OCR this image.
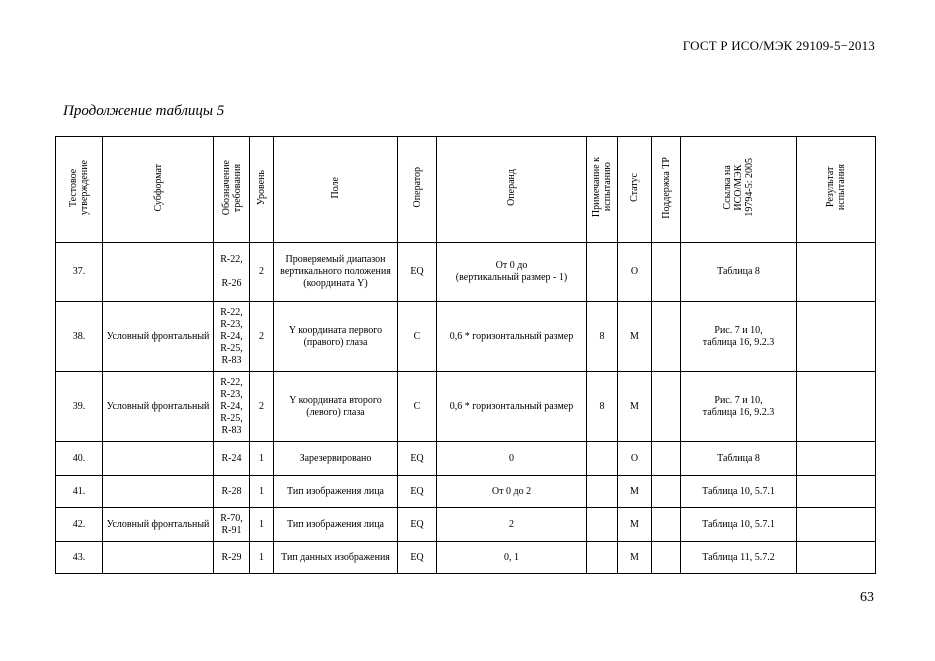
ГОСТ Р ИСО/МЭК 29109-5−2013
Продолжение таблицы 5
Тестовое
утверждение	Субформат	Обозначение
требования	Уровень	Поле	Оператор	Операнд	Примечание к
испытанию	Статус	Поддержка TP	Ссылка на
ИСО/МЭК
19794-5: 2005	Результат
испытания
37.		R-22,

R-26	2	Проверяемый диапазон вертикального положения (координата Y)	EQ	От 0 до
(вертикальный размер - 1)		O		Таблица 8	
38.	Условный фронтальный	R-22,
R-23,
R-24,
R-25,
R-83	2	Y координата первого (правого) глаза	C	0,6 * горизонтальный размер	8	M		Рис. 7 и 10,
таблица 16, 9.2.3	
39.	Условный фронтальный	R-22,
R-23,
R-24,
R-25,
R-83	2	Y координата второго (левого) глаза	C	0,6 * горизонтальный размер	8	M		Рис. 7 и 10,
таблица 16, 9.2.3	
40.		R-24	1	Зарезервировано	EQ	0		O		Таблица 8	
41.		R-28	1	Тип изображения лица	EQ	От 0 до 2		M		Таблица 10, 5.7.1	
42.	Условный фронтальный	R-70,
R-91	1	Тип изображения лица	EQ	2		M		Таблица 10, 5.7.1	
43.		R-29	1	Тип данных изображения	EQ	0, 1		M		Таблица 11, 5.7.2	
63
